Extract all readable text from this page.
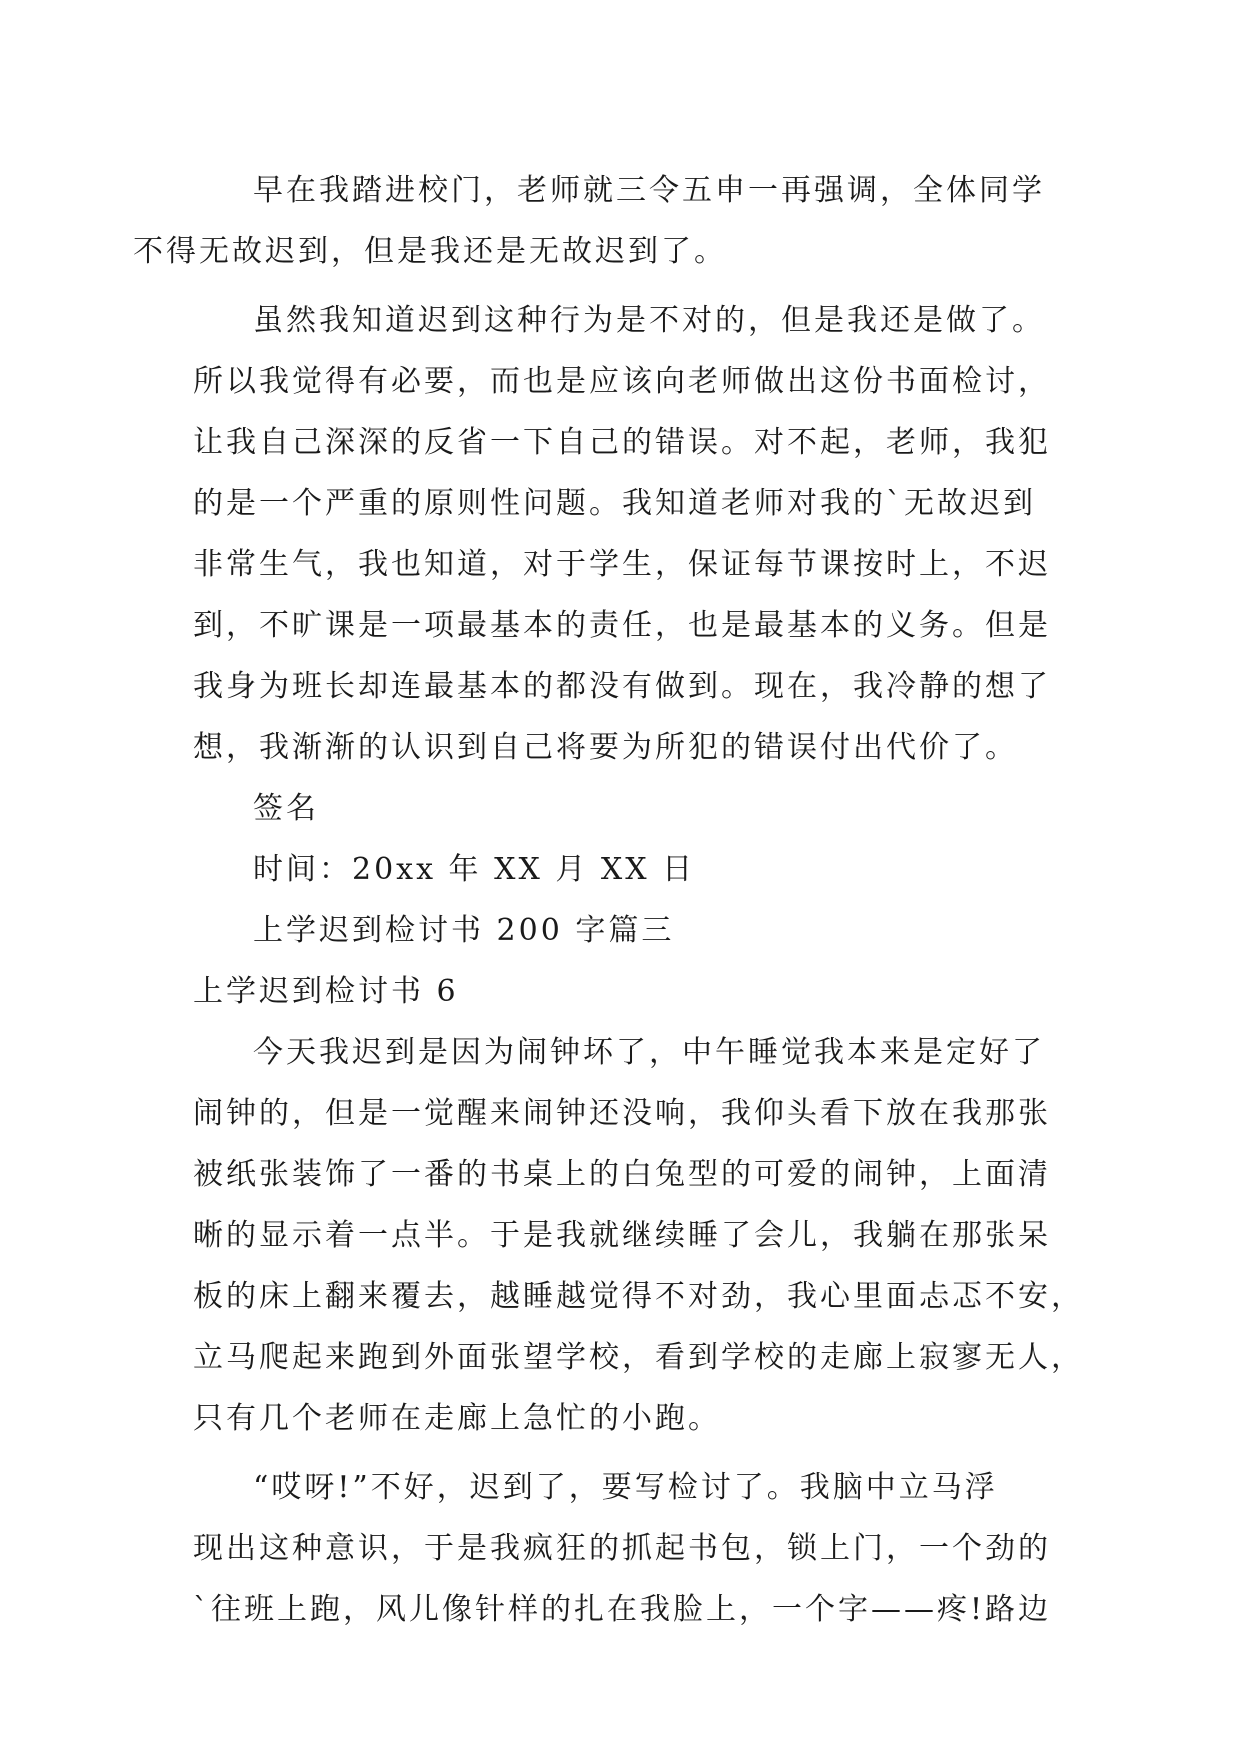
早在我踏进校门，老师就三令五申一再强调，全体同学
不得无故迟到，但是我还是无故迟到了。

虽然我知道迟到这种行为是不对的，但是我还是做了。
所以我觉得有必要，而也是应该向老师做出这份书面检讨，
让我自己深深的反省一下自己的错误。对不起，老师，我犯
的是一个严重的原则性问题。我知道老师对我的`无故迟到
非常生气，我也知道，对于学生，保证每节课按时上，不迟
到，不旷课是一项最基本的责任，也是最基本的义务。但是
我身为班长却连最基本的都没有做到。现在，我冷静的想了
想，我渐渐的认识到自己将要为所犯的错误付出代价了。

签名

时间：20xx 年 XX 月 XX 日

上学迟到检讨书 200 字篇三

上学迟到检讨书 6

今天我迟到是因为闹钟坏了，中午睡觉我本来是定好了
闹钟的，但是一觉醒来闹钟还没响，我仰头看下放在我那张
被纸张装饰了一番的书桌上的白兔型的可爱的闹钟，上面清
晰的显示着一点半。于是我就继续睡了会儿，我躺在那张呆
板的床上翻来覆去，越睡越觉得不对劲，我心里面忐忑不安，
立马爬起来跑到外面张望学校，看到学校的走廊上寂寥无人，
只有几个老师在走廊上急忙的小跑。

“哎呀!”不好，迟到了，要写检讨了。我脑中立马浮
现出这种意识，于是我疯狂的抓起书包，锁上门，一个劲的
`往班上跑，风儿像针样的扎在我脸上，一个字——疼!路边
